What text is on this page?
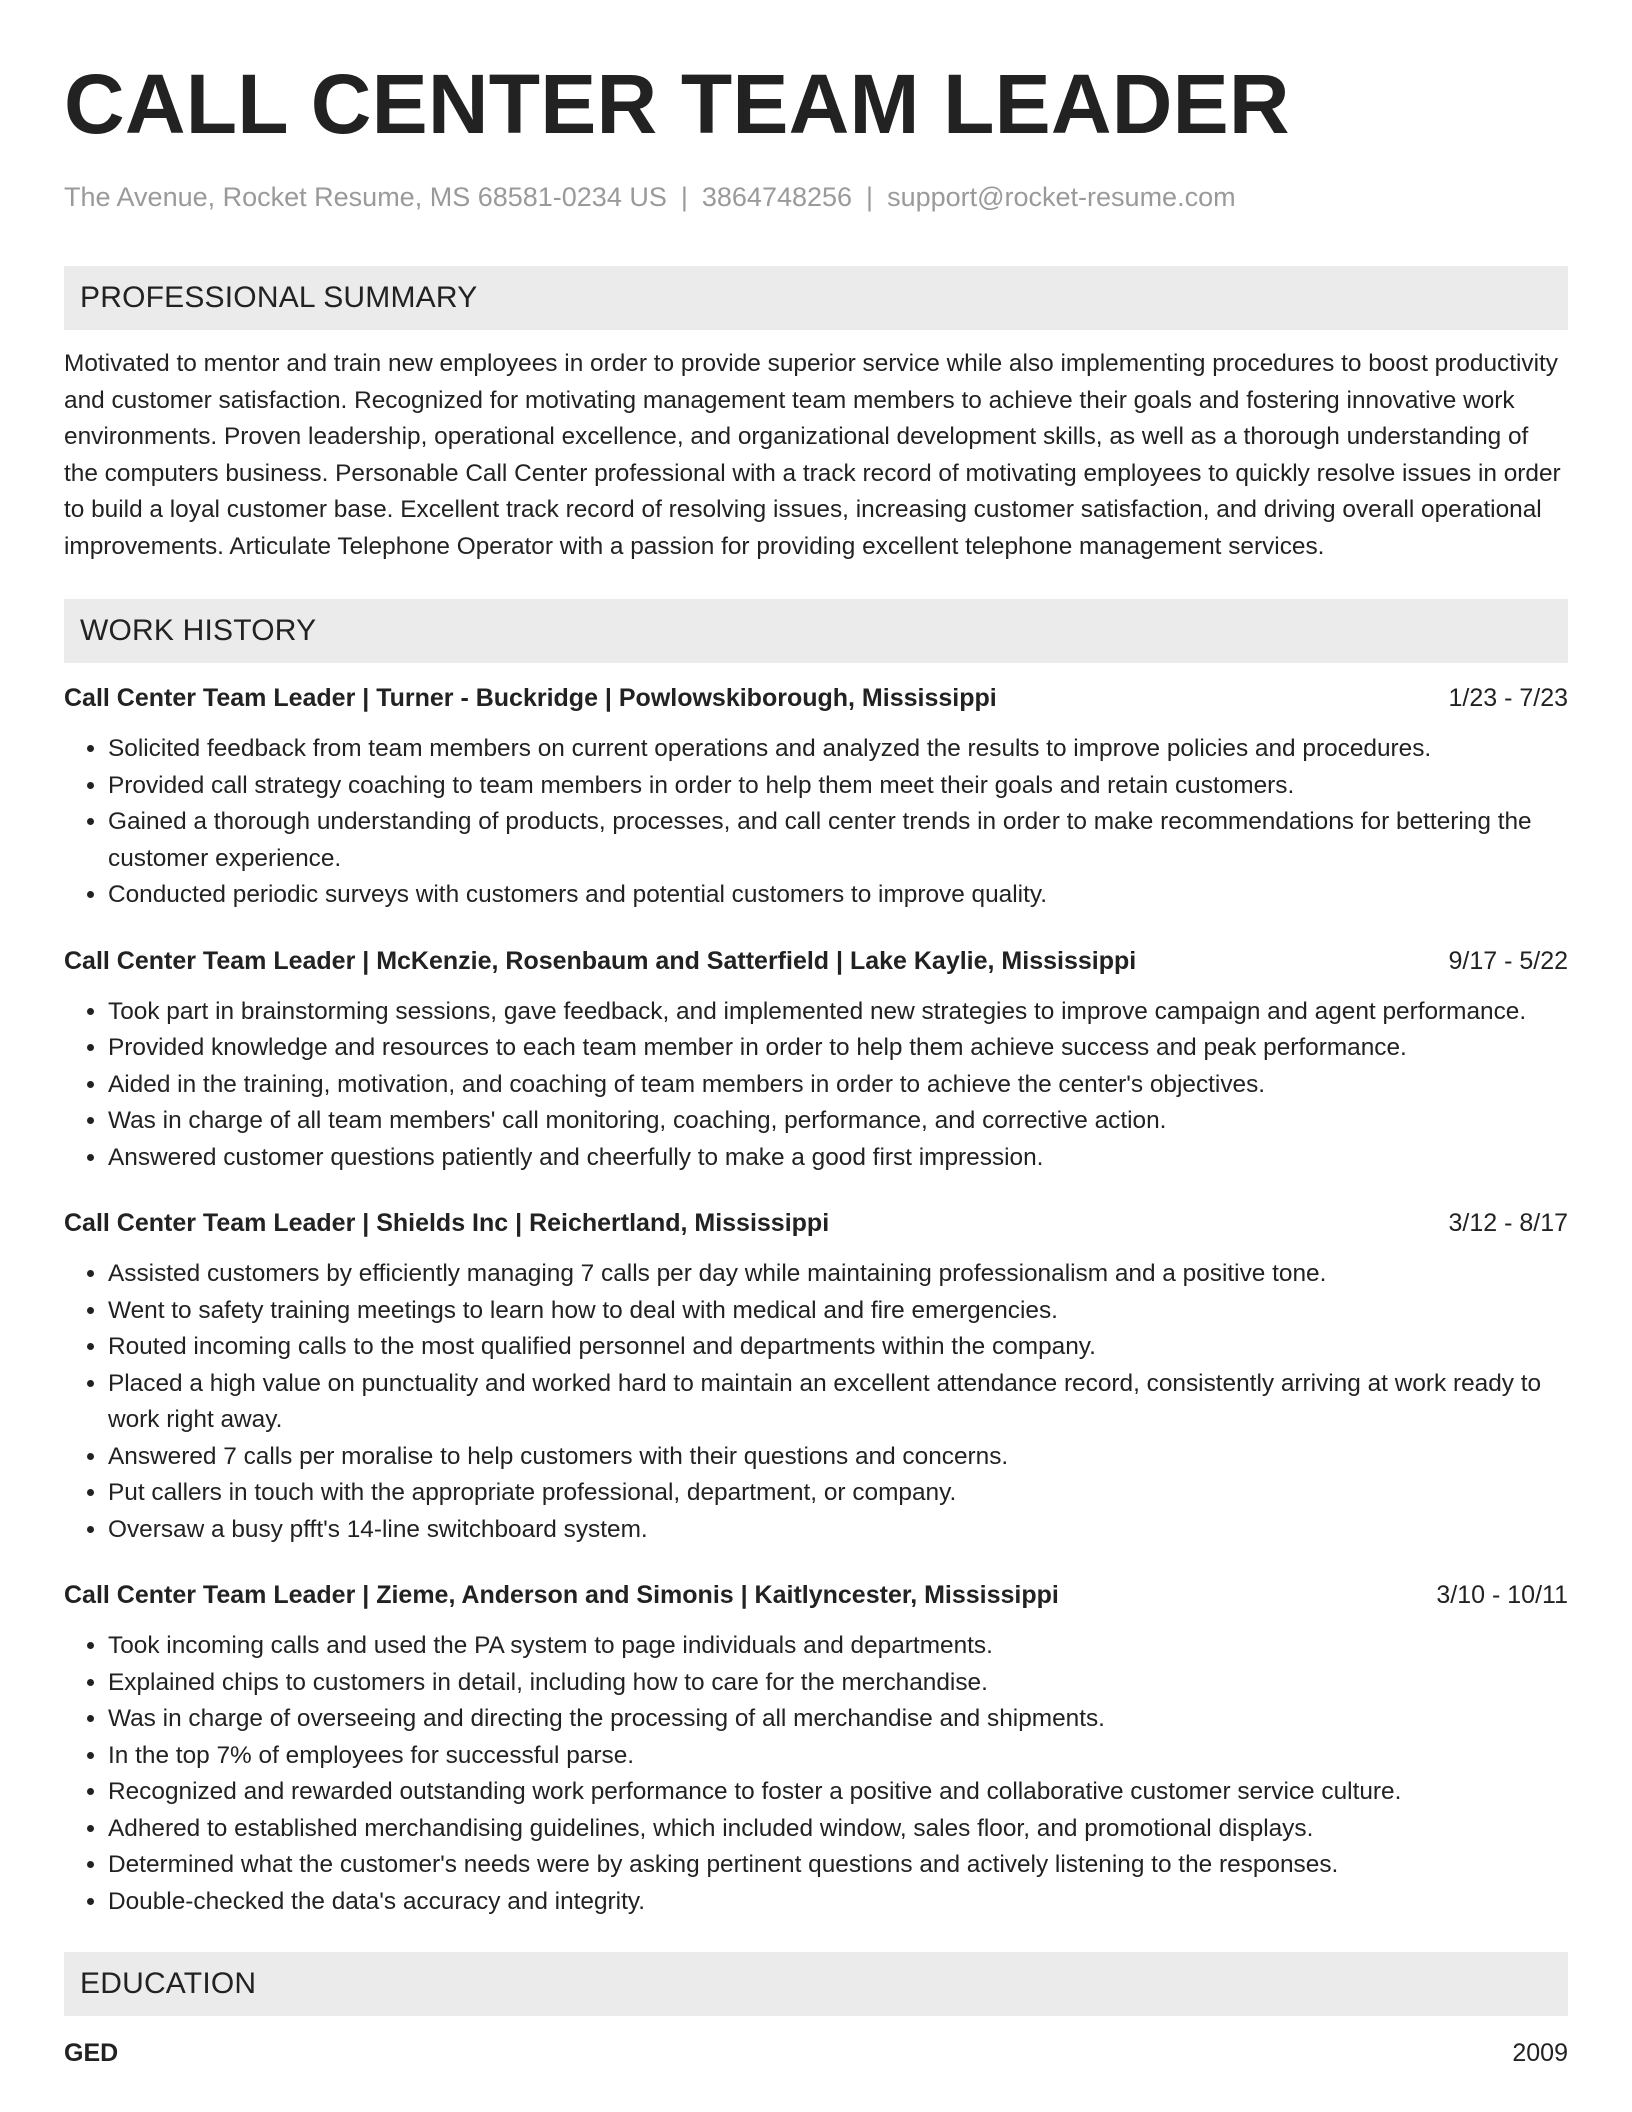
CALL CENTER TEAM LEADER
The Avenue, Rocket Resume, MS 68581-0234 US | 3864748256 | support@rocket-resume.com
PROFESSIONAL SUMMARY

Motivated to mentor and train new employees in order to provide superior service while also implementing procedures to boost productivity and customer satisfaction. Recognized for motivating management team members to achieve their goals and fostering innovative work environments. Proven leadership, operational excellence, and organizational development skills, as well as a thorough understanding of the computers business. Personable Call Center professional with a track record of motivating employees to quickly resolve issues in order to build a loyal customer base. Excellent track record of resolving issues, increasing customer satisfaction, and driving overall operational improvements. Articulate Telephone Operator with a passion for providing excellent telephone management services.

WORK HISTORY
Call Center Team Leader | Turner - Buckridge | Powlowskiborough, Mississippi	1/23 - 7/23
• Solicited feedback from team members on current operations and analyzed the results to improve policies and procedures.
• Provided call strategy coaching to team members in order to help them meet their goals and retain customers.
• Gained a thorough understanding of products, processes, and call center trends in order to make recommendations for bettering the customer experience.
• Conducted periodic surveys with customers and potential customers to improve quality.
Call Center Team Leader | McKenzie, Rosenbaum and Satterfield | Lake Kaylie, Mississippi	9/17 - 5/22
• Took part in brainstorming sessions, gave feedback, and implemented new strategies to improve campaign and agent performance.
• Provided knowledge and resources to each team member in order to help them achieve success and peak performance.
• Aided in the training, motivation, and coaching of team members in order to achieve the center's objectives.
• Was in charge of all team members' call monitoring, coaching, performance, and corrective action.
• Answered customer questions patiently and cheerfully to make a good first impression.
Call Center Team Leader | Shields Inc | Reichertland, Mississippi	3/12 - 8/17
• Assisted customers by efficiently managing 7 calls per day while maintaining professionalism and a positive tone.
• Went to safety training meetings to learn how to deal with medical and fire emergencies.
• Routed incoming calls to the most qualified personnel and departments within the company.
• Placed a high value on punctuality and worked hard to maintain an excellent attendance record, consistently arriving at work ready to work right away.
• Answered 7 calls per moralise to help customers with their questions and concerns.
• Put callers in touch with the appropriate professional, department, or company.
• Oversaw a busy pfft's 14-line switchboard system.
Call Center Team Leader | Zieme, Anderson and Simonis | Kaitlyncester, Mississippi	3/10 - 10/11
• Took incoming calls and used the PA system to page individuals and departments.
• Explained chips to customers in detail, including how to care for the merchandise.
• Was in charge of overseeing and directing the processing of all merchandise and shipments.
• In the top 7% of employees for successful parse.
• Recognized and rewarded outstanding work performance to foster a positive and collaborative customer service culture.
• Adhered to established merchandising guidelines, which included window, sales floor, and promotional displays.
• Determined what the customer's needs were by asking pertinent questions and actively listening to the responses.
• Double-checked the data's accuracy and integrity.
EDUCATION
GED	2009
